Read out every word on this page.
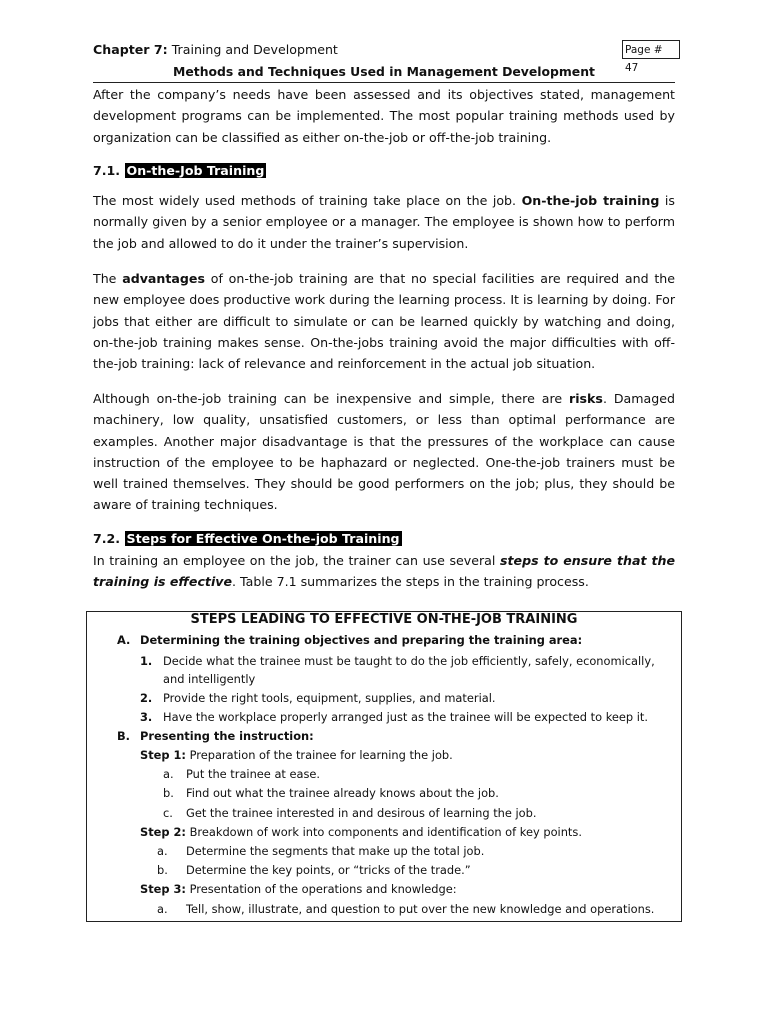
Chapter 7: Training and Development	Page # 47
Methods and Techniques Used in Management Development
After the company’s needs have been assessed and its objectives stated, management development programs can be implemented. The most popular training methods used by organization can be classified as either on-the-job or off-the-job training.
7.1. On-the-Job Training
The most widely used methods of training take place on the job. On-the-job training is normally given by a senior employee or a manager. The employee is shown how to perform the job and allowed to do it under the trainer’s supervision.
The advantages of on-the-job training are that no special facilities are required and the new employee does productive work during the learning process. It is learning by doing. For jobs that either are difficult to simulate or can be learned quickly by watching and doing, on-the-job training makes sense. On-the-jobs training avoid the major difficulties with off-the-job training: lack of relevance and reinforcement in the actual job situation.
Although on-the-job training can be inexpensive and simple, there are risks. Damaged machinery, low quality, unsatisfied customers, or less than optimal performance are examples. Another major disadvantage is that the pressures of the workplace can cause instruction of the employee to be haphazard or neglected. One-the-job trainers must be well trained themselves. They should be good performers on the job; plus, they should be aware of training techniques.
7.2. Steps for Effective On-the-job Training
In training an employee on the job, the trainer can use several steps to ensure that the training is effective. Table 7.1 summarizes the steps in the training process.
STEPS LEADING TO EFFECTIVE ON-THE-JOB TRAINING
A. Determining the training objectives and preparing the training area:
1. Decide what the trainee must be taught to do the job efficiently, safely, economically,
and intelligently
2. Provide the right tools, equipment, supplies, and material.
3. Have the workplace properly arranged just as the trainee will be expected to keep it.
B. Presenting the instruction:
Step 1: Preparation of the trainee for learning the job.
a. Put the trainee at ease.
b. Find out what the trainee already knows about the job.
c. Get the trainee interested in and desirous of learning the job.
Step 2: Breakdown of work into components and identification of key points.
a. Determine the segments that make up the total job.
b. Determine the key points, or “tricks of the trade.”
Step 3: Presentation of the operations and knowledge:
a. Tell, show, illustrate, and question to put over the new knowledge and operations.
